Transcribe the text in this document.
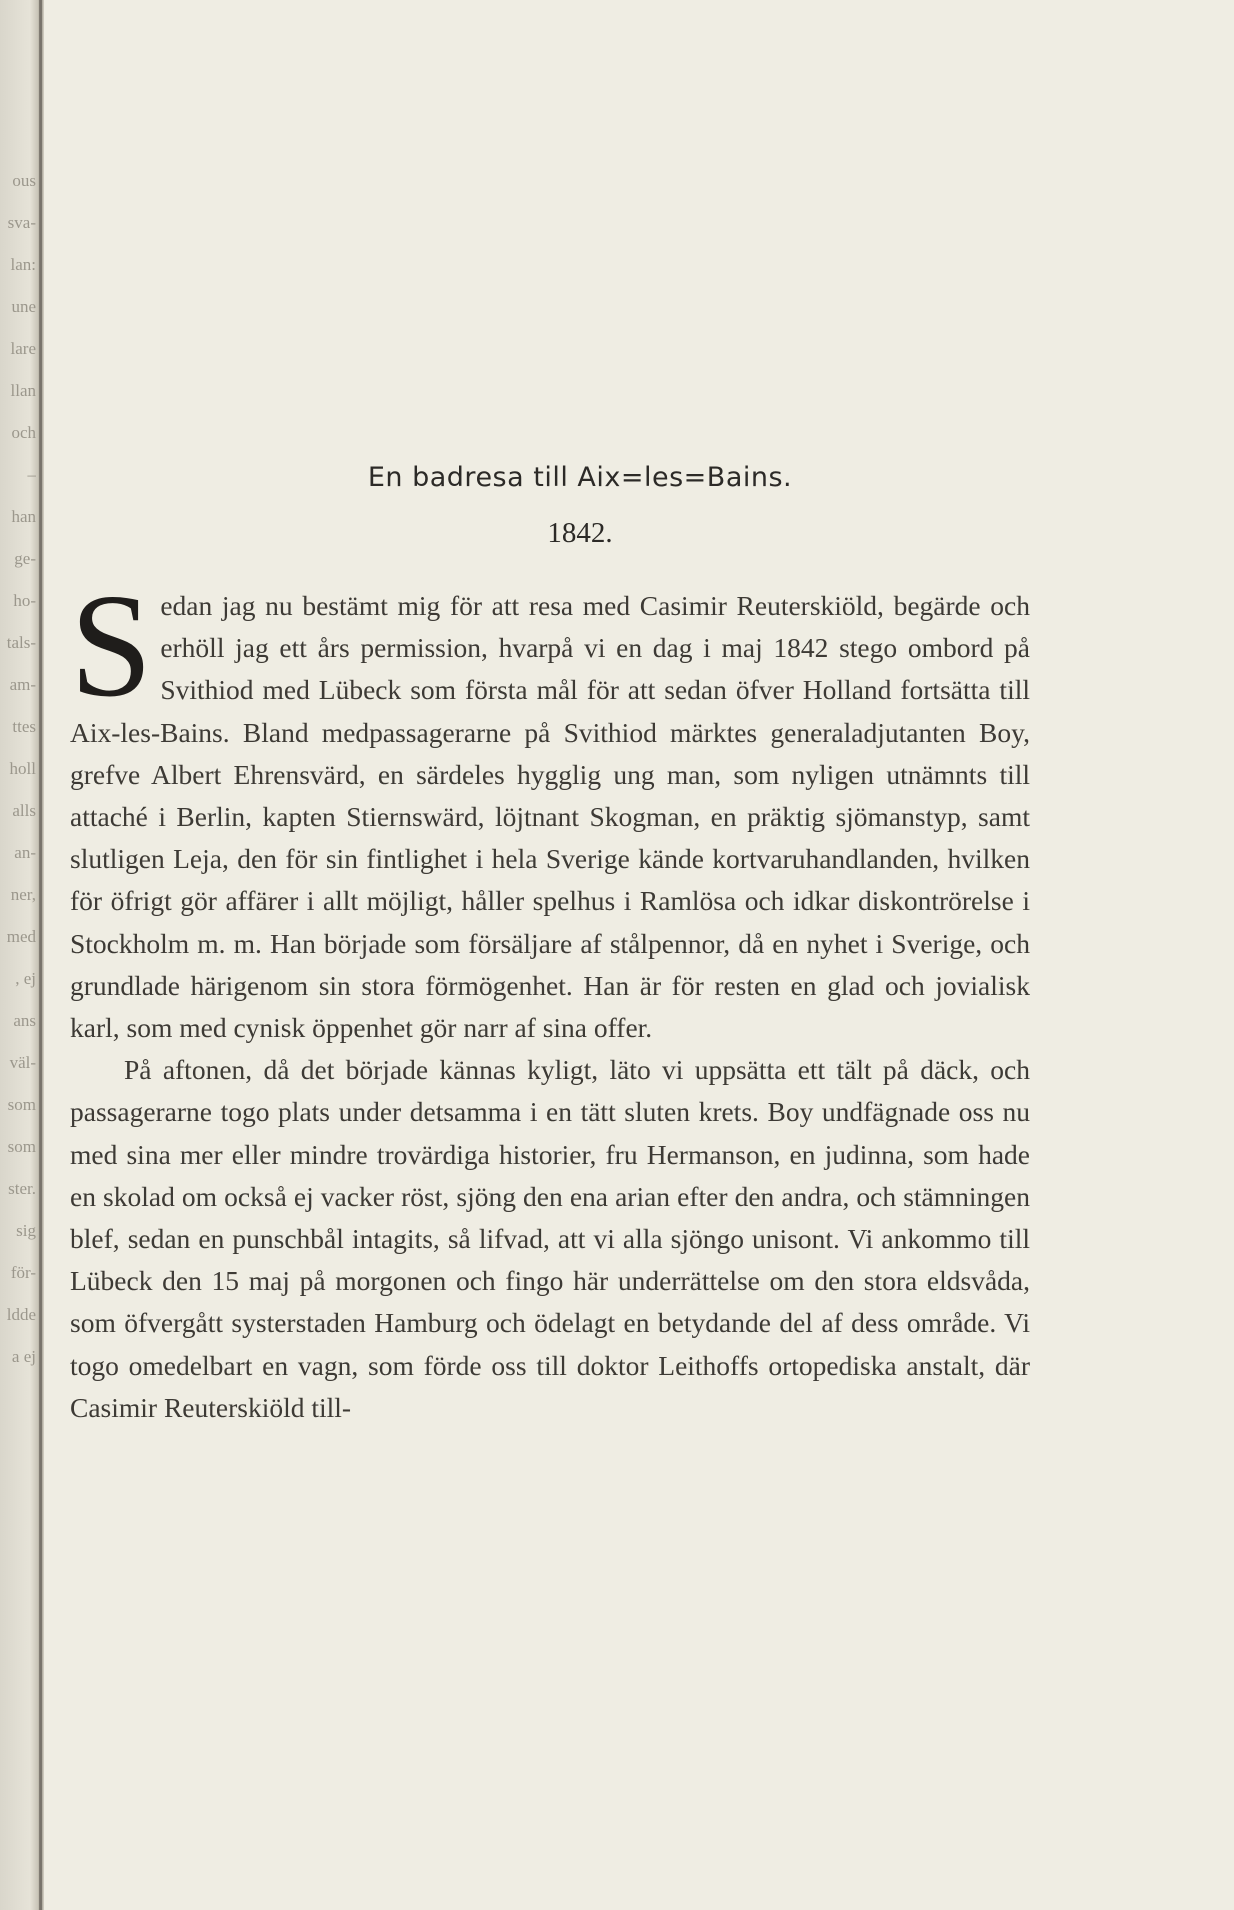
ous
sva-
lan:
une
lare
llan
och
–
han
ge-
ho-
tals-
am-
ttes
holl
alls
an-
ner,
med
, ej
ans
väl-
som
som
ster.
sig
för-
ldde
a ej
En badresa till Aix=les=Bains.
1842.

Sedan jag nu bestämt mig för att resa med Casimir Reuterskiöld, begärde och erhöll jag ett års permission, hvarpå vi en dag i maj 1842 stego ombord på Svithiod med Lübeck som första mål för att sedan öfver Holland fortsätta till Aix-les-Bains. Bland medpassagerarne på Svithiod märktes generaladjutanten Boy, grefve Albert Ehrensvärd, en särdeles hygglig ung man, som nyligen utnämnts till attaché i Berlin, kapten Stiernswärd, löjtnant Skogman, en präktig sjömanstyp, samt slutligen Leja, den för sin fintlighet i hela Sverige kände kortvaruhandlanden, hvilken för öfrigt gör affärer i allt möjligt, håller spelhus i Ramlösa och idkar diskontrörelse i Stockholm m. m. Han började som försäljare af stålpennor, då en nyhet i Sverige, och grundlade härigenom sin stora förmögenhet. Han är för resten en glad och jovialisk karl, som med cynisk öppenhet gör narr af sina offer.

På aftonen, då det började kännas kyligt, läto vi uppsätta ett tält på däck, och passagerarne togo plats under detsamma i en tätt sluten krets. Boy undfägnade oss nu med sina mer eller mindre trovärdiga historier, fru Hermanson, en judinna, som hade en skolad om också ej vacker röst, sjöng den ena arian efter den andra, och stämningen blef, sedan en punschbål intagits, så lifvad, att vi alla sjöngo unisont. Vi ankommo till Lübeck den 15 maj på morgonen och fingo här underrättelse om den stora eldsvåda, som öfvergått systerstaden Hamburg och ödelagt en betydande del af dess område. Vi togo omedelbart en vagn, som förde oss till doktor Leithoffs ortopediska anstalt, där Casimir Reuterskiöld till-
